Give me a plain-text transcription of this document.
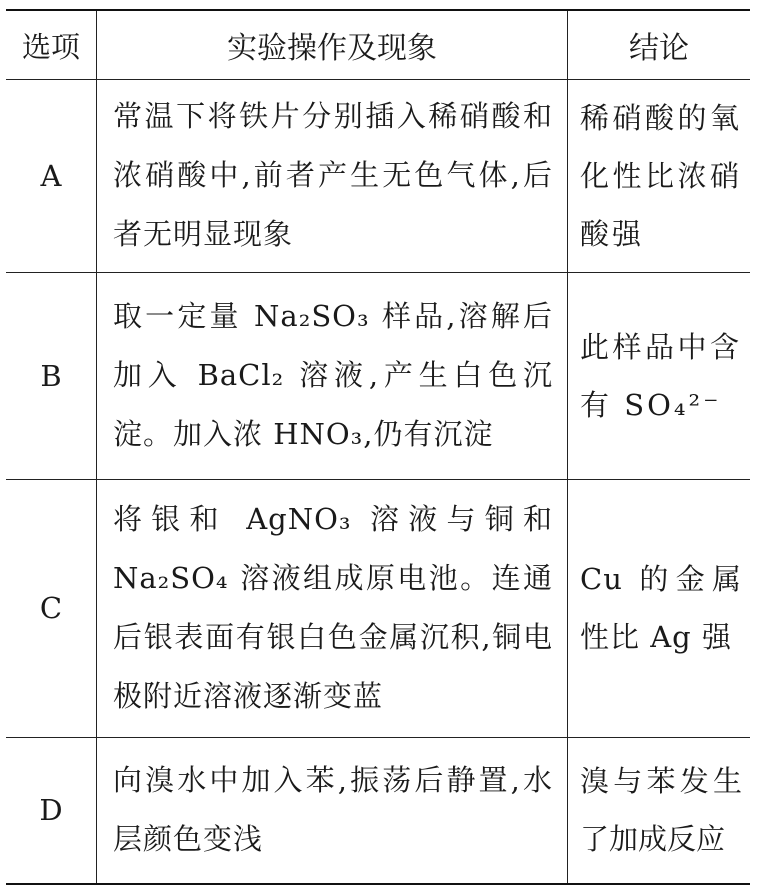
选项	实验操作及现象	结论
A	常温下将铁片分别插入稀硝酸和浓硝酸中,前者产生无色气体,后者无明显现象	稀硝酸的氧化性比浓硝酸强

B	取一定量 Na₂SO₃ 样品,溶解后加入 BaCl₂ 溶液,产生白色沉淀。加入浓 HNO₃,仍有沉淀	此样品中含有 SO₄²⁻

C	将银和 AgNO₃ 溶液与铜和 Na₂SO₄ 溶液组成原电池。连通后银表面有银白色金属沉积,铜电极附近溶液逐渐变蓝	Cu 的金属性比 Ag 强

D	向溴水中加入苯,振荡后静置,水层颜色变浅	溴与苯发生了加成反应
